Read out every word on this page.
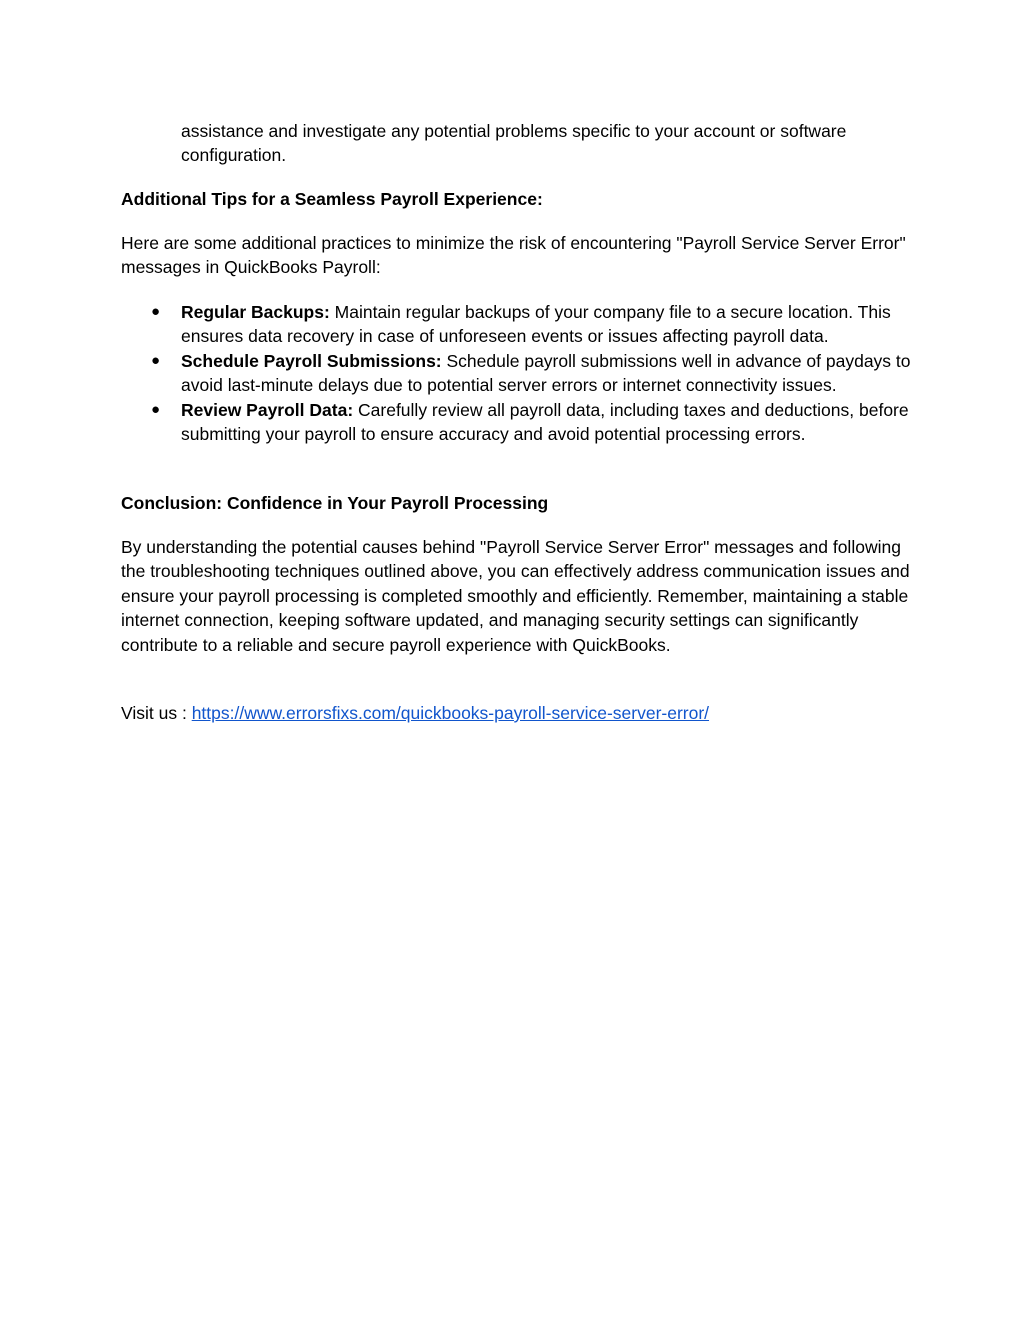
assistance and investigate any potential problems specific to your account or software configuration.

Additional Tips for a Seamless Payroll Experience:

Here are some additional practices to minimize the risk of encountering "Payroll Service Server Error" messages in QuickBooks Payroll:

● Regular Backups: Maintain regular backups of your company file to a secure location. This ensures data recovery in case of unforeseen events or issues affecting payroll data.
● Schedule Payroll Submissions: Schedule payroll submissions well in advance of paydays to avoid last-minute delays due to potential server errors or internet connectivity issues.
● Review Payroll Data: Carefully review all payroll data, including taxes and deductions, before submitting your payroll to ensure accuracy and avoid potential processing errors.

Conclusion: Confidence in Your Payroll Processing

By understanding the potential causes behind "Payroll Service Server Error" messages and following the troubleshooting techniques outlined above, you can effectively address communication issues and ensure your payroll processing is completed smoothly and efficiently. Remember, maintaining a stable internet connection, keeping software updated, and managing security settings can significantly contribute to a reliable and secure payroll experience with QuickBooks.

Visit us : https://www.errorsfixs.com/quickbooks-payroll-service-server-error/
